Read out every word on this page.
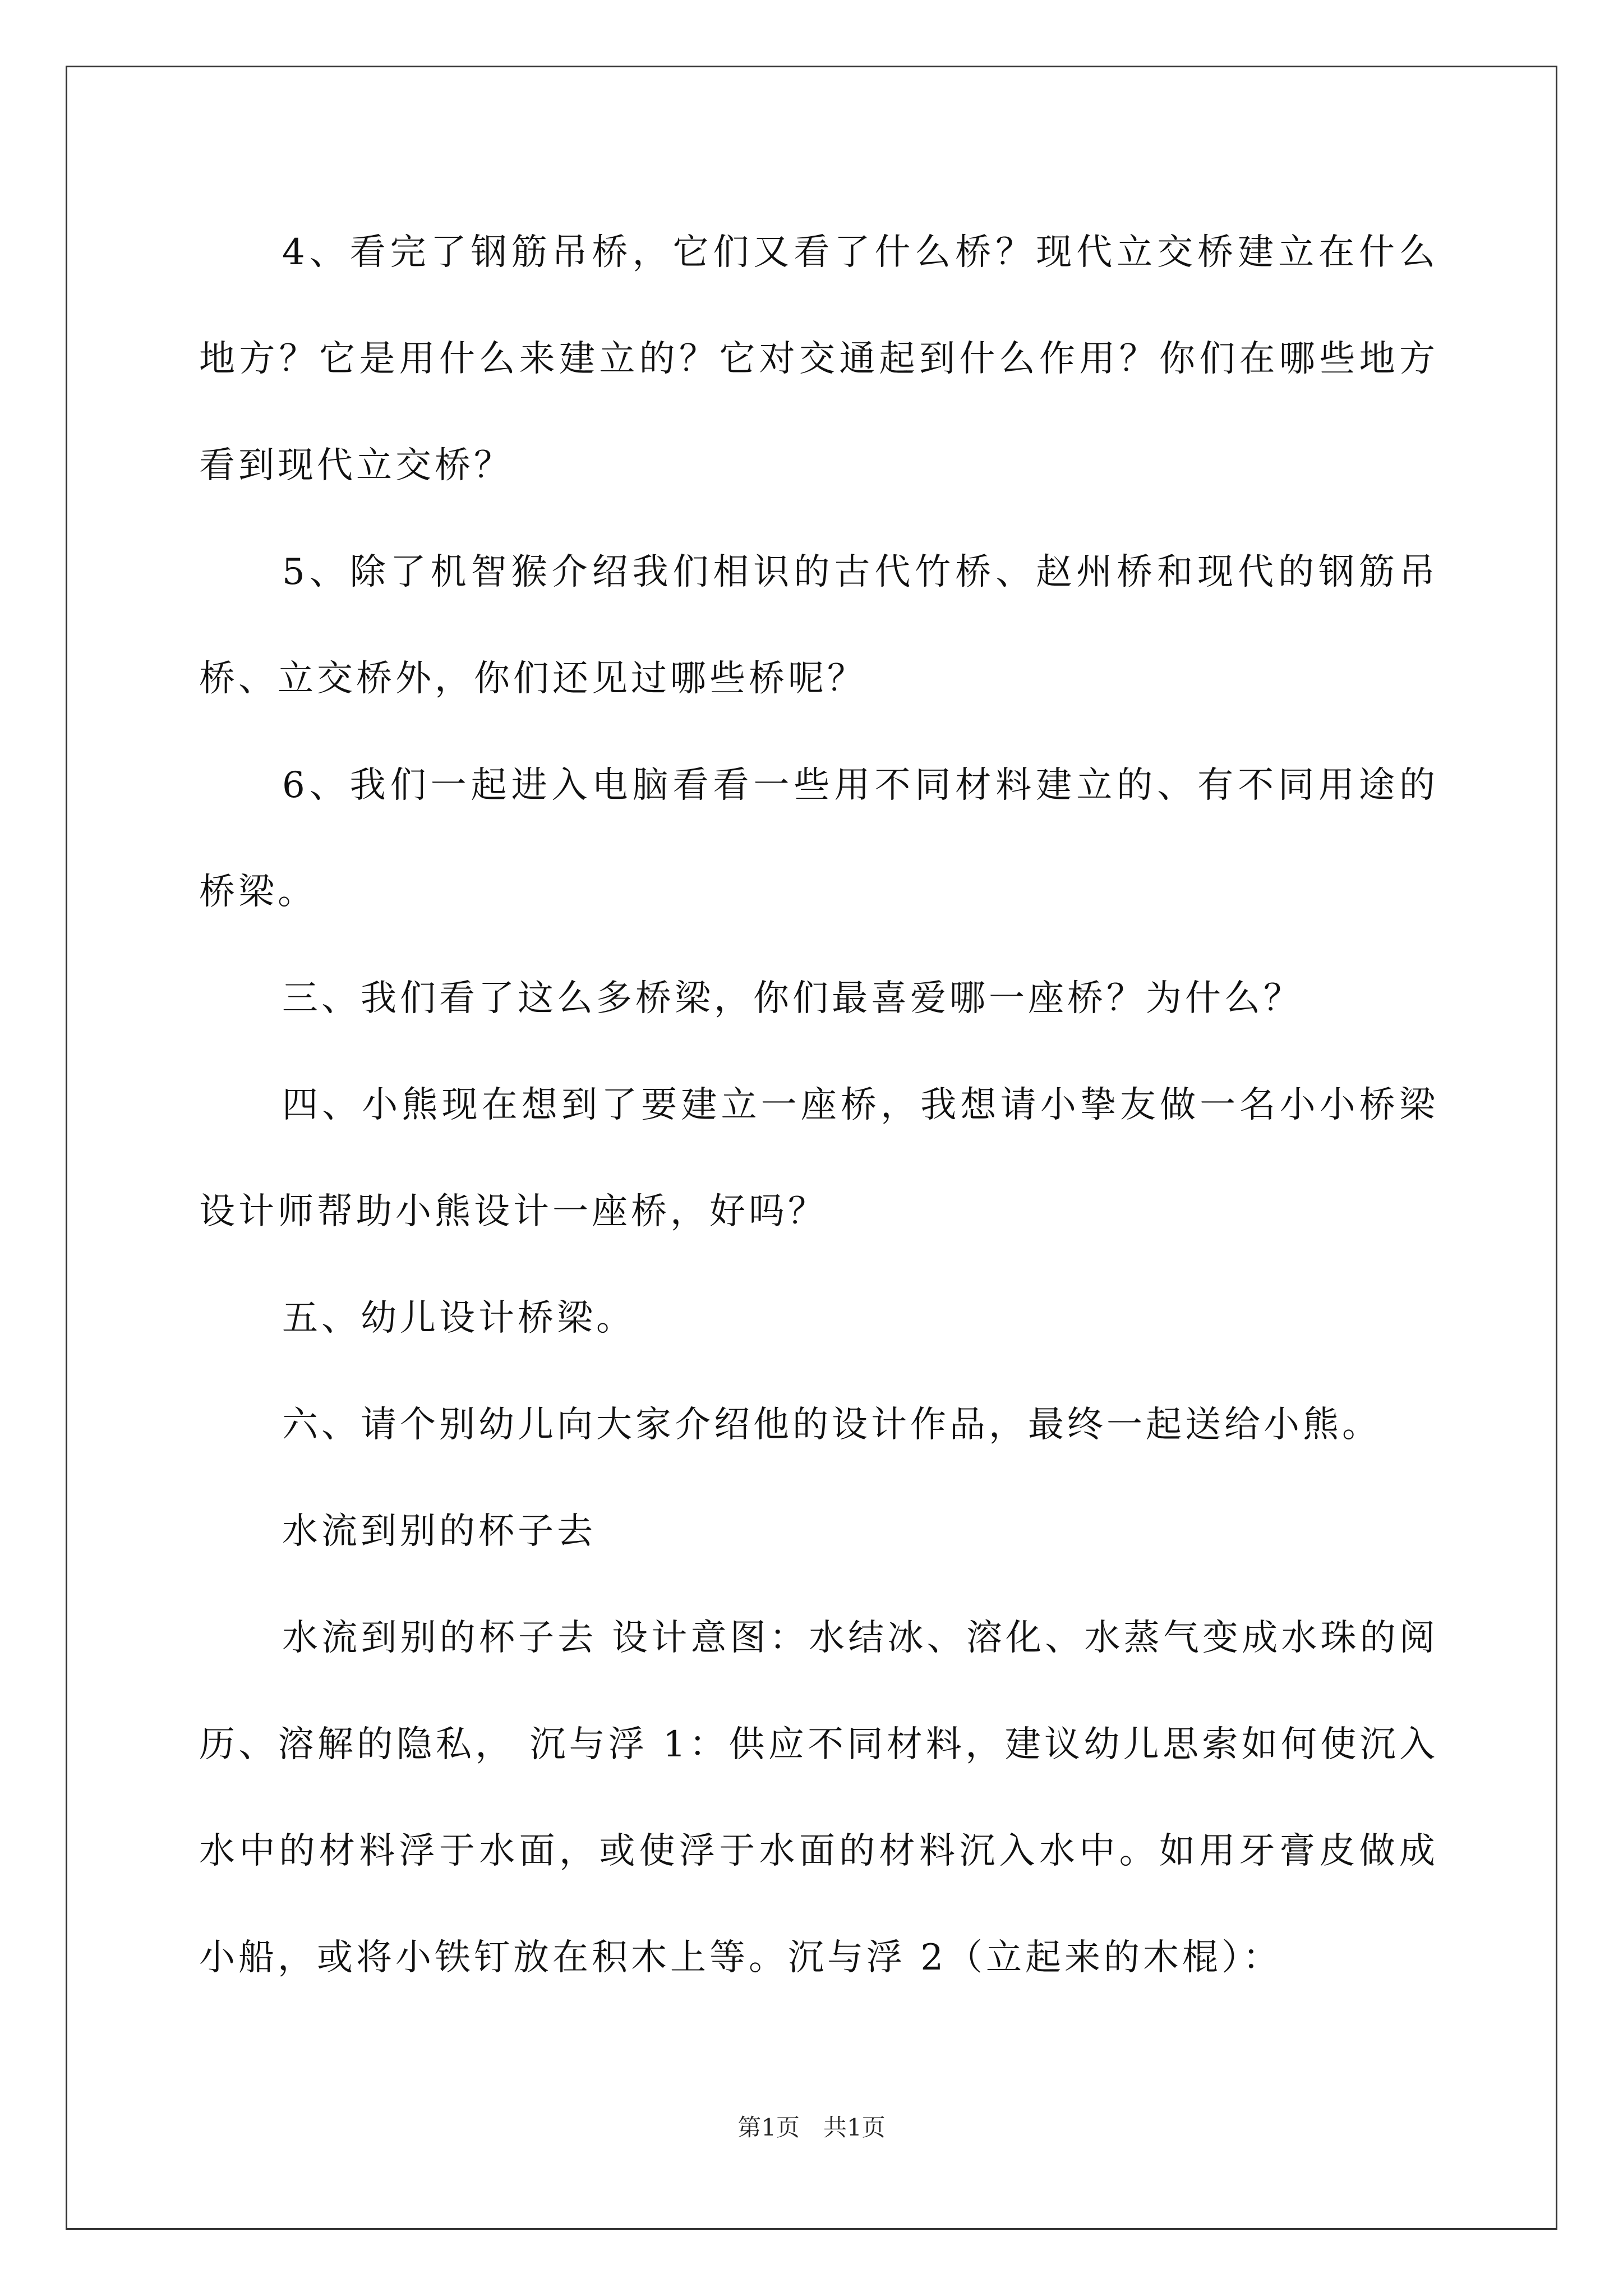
4、看完了钢筋吊桥，它们又看了什么桥？现代立交桥建立在什么地方？它是用什么来建立的？它对交通起到什么作用？你们在哪些地方看到现代立交桥？

5、除了机智猴介绍我们相识的古代竹桥、赵州桥和现代的钢筋吊桥、立交桥外，你们还见过哪些桥呢？

6、我们一起进入电脑看看一些用不同材料建立的、有不同用途的桥梁。

三、我们看了这么多桥梁，你们最喜爱哪一座桥？为什么？

四、小熊现在想到了要建立一座桥，我想请小挚友做一名小小桥梁设计师帮助小熊设计一座桥，好吗？

五、幼儿设计桥梁。

六、请个别幼儿向大家介绍他的设计作品，最终一起送给小熊。

水流到别的杯子去

水流到别的杯子去 设计意图：水结冰、溶化、水蒸气变成水珠的阅历、溶解的隐私， 沉与浮 1：供应不同材料，建议幼儿思索如何使沉入水中的材料浮于水面，或使浮于水面的材料沉入水中。如用牙膏皮做成小船，或将小铁钉放在积木上等。沉与浮 2（立起来的木棍）：

第1页　共1页
